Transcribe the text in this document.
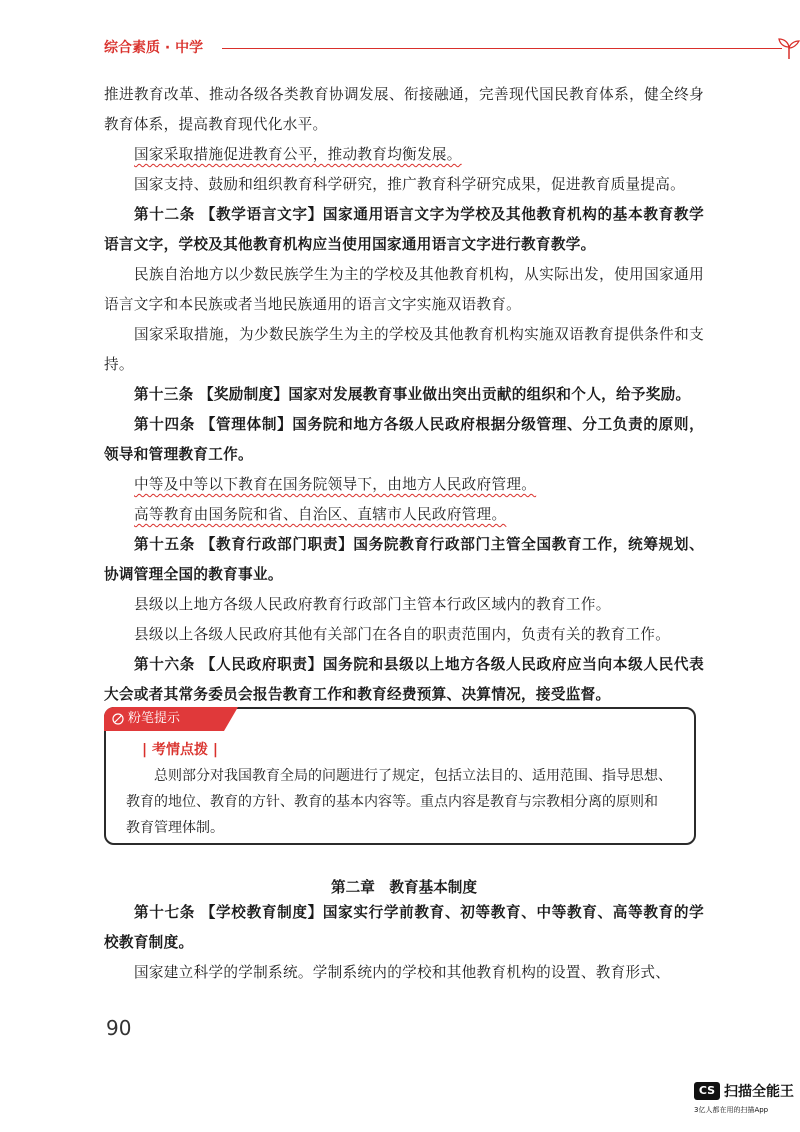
综合素质 · 中学

推进教育改革、推动各级各类教育协调发展、衔接融通，完善现代国民教育体系，健全终身教育体系，提高教育现代化水平。

国家采取措施促进教育公平，推动教育均衡发展。

国家支持、鼓励和组织教育科学研究，推广教育科学研究成果，促进教育质量提高。

第十二条 【教学语言文字】国家通用语言文字为学校及其他教育机构的基本教育教学语言文字，学校及其他教育机构应当使用国家通用语言文字进行教育教学。

民族自治地方以少数民族学生为主的学校及其他教育机构，从实际出发，使用国家通用语言文字和本民族或者当地民族通用的语言文字实施双语教育。

国家采取措施，为少数民族学生为主的学校及其他教育机构实施双语教育提供条件和支持。

第十三条 【奖励制度】国家对发展教育事业做出突出贡献的组织和个人，给予奖励。

第十四条 【管理体制】国务院和地方各级人民政府根据分级管理、分工负责的原则，领导和管理教育工作。

中等及中等以下教育在国务院领导下，由地方人民政府管理。

高等教育由国务院和省、自治区、直辖市人民政府管理。

第十五条 【教育行政部门职责】国务院教育行政部门主管全国教育工作，统筹规划、协调管理全国的教育事业。

县级以上地方各级人民政府教育行政部门主管本行政区域内的教育工作。

县级以上各级人民政府其他有关部门在各自的职责范围内，负责有关的教育工作。

第十六条 【人民政府职责】国务院和县级以上地方各级人民政府应当向本级人民代表大会或者其常务委员会报告教育工作和教育经费预算、决算情况，接受监督。

粉笔提示
| 考情点拨 |
总则部分对我国教育全局的问题进行了规定，包括立法目的、适用范围、指导思想、
教育的地位、教育的方针、教育的基本内容等。重点内容是教育与宗教相分离的原则和
教育管理体制。
第二章　教育基本制度

第十七条 【学校教育制度】国家实行学前教育、初等教育、中等教育、高等教育的学校教育制度。

国家建立科学的学制系统。学制系统内的学校和其他教育机构的设置、教育形式、

90
CS 扫描全能王
3亿人都在用的扫描App
